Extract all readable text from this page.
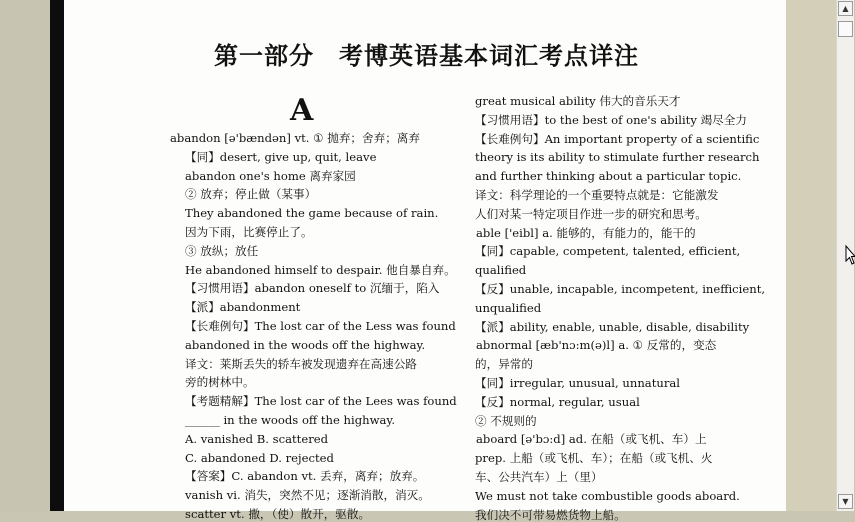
第一部分　考博英语基本词汇考点详注
A
abandon [ə'bændən] vt. ① 抛弃；舍弃；离弃
【同】desert, give up, quit, leave
abandon one's home 离弃家园
② 放弃；停止做（某事）
They abandoned the game because of rain.
因为下雨，比赛停止了。
③ 放纵；放任
He abandoned himself to despair. 他自暴自弃。
【习惯用语】abandon oneself to 沉缅于，陷入
【派】abandonment
【长难例句】The lost car of the Less was found
abandoned in the woods off the highway.
译文：莱斯丢失的轿车被发现遗弃在高速公路
旁的树林中。
【考题精解】The lost car of the Lees was found
______ in the woods off the highway.
A. vanished B. scattered
C. abandoned D. rejected
【答案】C. abandon vt. 丢弃，离弃；放弃。
vanish vi. 消失，突然不见；逐渐消散，消灭。
scatter vt. 撒，（使）散开，驱散。
great musical ability 伟大的音乐天才
【习惯用语】to the best of one's ability 竭尽全力
【长难例句】An important property of a scientific
theory is its ability to stimulate further research
and further thinking about a particular topic.
译文：科学理论的一个重要特点就是：它能激发
人们对某一特定项目作进一步的研究和思考。
able ['eibl] a. 能够的，有能力的，能干的
【同】capable, competent, talented, efficient,
qualified
【反】unable, incapable, incompetent, inefficient,
unqualified
【派】ability, enable, unable, disable, disability
abnormal [æb'nɔ:m(ə)l] a. ① 反常的，变态
的，异常的
【同】irregular, unusual, unnatural
【反】normal, regular, usual
② 不规则的
aboard [ə'bɔ:d] ad. 在船（或飞机、车）上
prep. 上船（或飞机、车）；在船（或飞机、火
车、公共汽车）上（里）
We must not take combustible goods aboard.
我们决不可带易燃货物上船。
▲
▼
